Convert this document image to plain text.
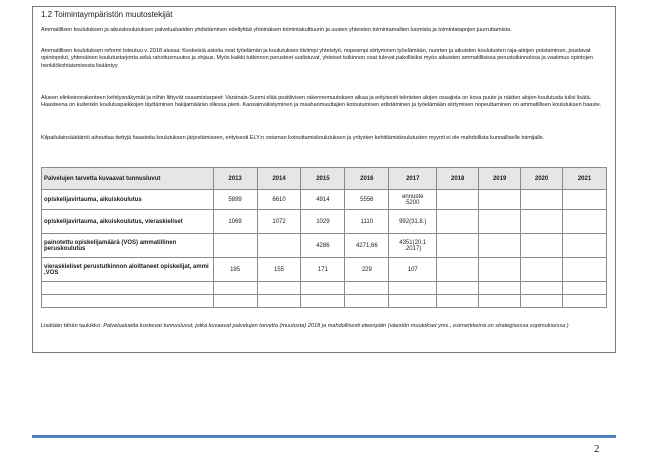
1.2 Toimintaympäristön muutostekijät

Ammatillisen koulutuksen ja aikuiskoulutuksen palvelualueiden yhdistäminen edellyttää yhteinäisen toimintakulttuurin ja uusien yhteisten toimintamallien luomista ja toimintatapojen juurruttamista.

Ammatillisen koulutuksen reformi toteutuu v. 2018 alussa: Keskeisiä asioita ovat työelämän ja koulutuksen tiiviimpi yhteistyö, nopeampi siirtyminen työelämään, nuorten ja aikuisten koulutusten raja-aitojen poistaminen, joustavat opintopolut, yhtenäinen koulutustarjonta sekä rahoitusmuutos ja ohjaus. Myös kaikki tutkinnon perusteet uudistuvat, yhteiset tutkinnon osat tulevat pakollisiksi myös aikuisten ammatillisissa perustutkinnoissa ja vaatimus opintojen henkilökohtaismisesta lisääntyy.

Alueen elinkeinorakenteen kehitysnäkymät ja niihin liittyvät osaamistarpeet: Varsinais-Suomi elää positiivisen rakennemuutoksen aikaa ja erityisesti teknisten alojen osaajista on kova puute ja näiden alojen koulutusta tulisi lisätä. Haasteena on kuitenkin koulutuspaikkojen täyttäminen hakijamäärän ollessa pieni. Kansainvälistyminen ja maahanmuuttajien kotoutumisen edistäminen ja työelämään siirtymisen nopeuttaminen on ammatillisen koulutuksen haaste.

Kilpailulainsäädäntö aiheuttaa tiettyjä haasteita koulutuksen järjestämiseen, erityisesti ELY:n ostaman kotouttamiskoulutuksen ja yritysten kehittämiskoulutusten myynti ei ole mahdollista kunnalliselle toimijalle.

Palvelujen tarvetta kuvaavat tunnusluvut	2013	2014	2015	2016	2017	2018	2019	2020	2021
opiskelijavirtauma, aikuiskoulutus	5899	6610	4914	5556	ennuste
5200				
opiskelijavirtauma, aikuiskoulutus, vieraskieliset	1069	1072	1029	1110	992(31.8.)				
painotettu opiskelijamäärä (VOS) ammatillinen peruskoulutus			4286	4271,66	4351(20.1
.2017)				
vieraskieliset perustutkinnon aloittaneet opiskelijat, ammi ,VOS	195	155	171	229	107				

Lisätään tähän taulukko: Palvelualuetta koskevat tunnusluvut, jotka kuvaavat palvelujen tarvetta (muutosta) 2018 ja mahdollisesti eteenpäin (väestön muutokset yms., esimerkkeinä on strategisessa sopimuksessa )
2
